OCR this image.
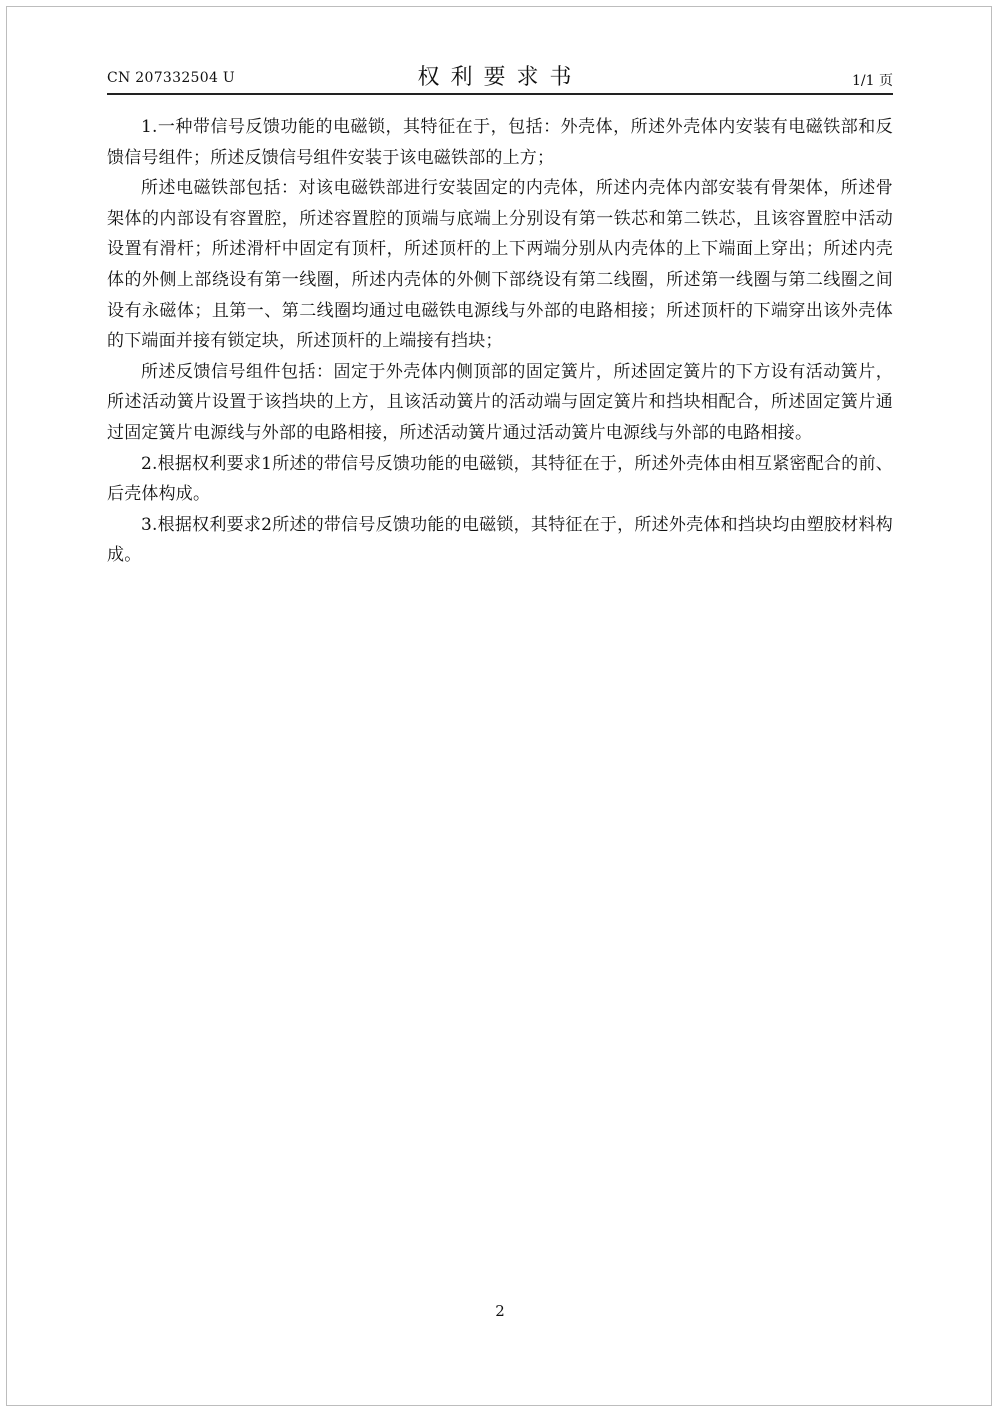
CN 207332504 U	权利要求书	1/1 页

1.一种带信号反馈功能的电磁锁，其特征在于，包括：外壳体，所述外壳体内安装有电磁铁部和反馈信号组件；所述反馈信号组件安装于该电磁铁部的上方；

所述电磁铁部包括：对该电磁铁部进行安装固定的内壳体，所述内壳体内部安装有骨架体，所述骨架体的内部设有容置腔，所述容置腔的顶端与底端上分别设有第一铁芯和第二铁芯，且该容置腔中活动设置有滑杆；所述滑杆中固定有顶杆，所述顶杆的上下两端分别从内壳体的上下端面上穿出；所述内壳体的外侧上部绕设有第一线圈，所述内壳体的外侧下部绕设有第二线圈，所述第一线圈与第二线圈之间设有永磁体；且第一、第二线圈均通过电磁铁电源线与外部的电路相接；所述顶杆的下端穿出该外壳体的下端面并接有锁定块，所述顶杆的上端接有挡块；

所述反馈信号组件包括：固定于外壳体内侧顶部的固定簧片，所述固定簧片的下方设有活动簧片，所述活动簧片设置于该挡块的上方，且该活动簧片的活动端与固定簧片和挡块相配合，所述固定簧片通过固定簧片电源线与外部的电路相接，所述活动簧片通过活动簧片电源线与外部的电路相接。

2.根据权利要求1所述的带信号反馈功能的电磁锁，其特征在于，所述外壳体由相互紧密配合的前、后壳体构成。

3.根据权利要求2所述的带信号反馈功能的电磁锁，其特征在于，所述外壳体和挡块均由塑胶材料构成。

2
